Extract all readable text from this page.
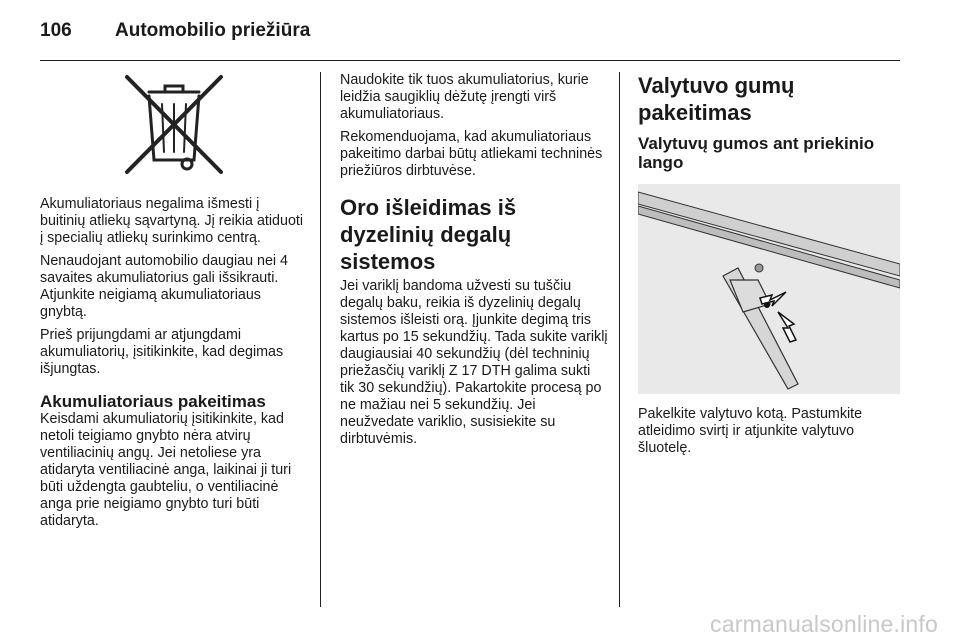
106 Automobilio priežiūra

Akumuliatoriaus negalima išmesti į buitinių atliekų sąvartyną. Jį reikia atiduoti į specialių atliekų surinkimo centrą.

Nenaudojant automobilio daugiau nei 4 savaites akumuliatorius gali išsikrauti. Atjunkite neigiamą akumuliatoriaus gnybtą.

Prieš prijungdami ar atjungdami akumuliatorių, įsitikinkite, kad degimas išjungtas.

Akumuliatoriaus pakeitimas

Keisdami akumuliatorių įsitikinkite, kad netoli teigiamo gnybto nėra atvirų ventiliacinių angų. Jei netoliese yra atidaryta ventiliacinė anga, laikinai ji turi būti uždengta gaubteliu, o ventiliacinė anga prie neigiamo gnybto turi būti atidaryta.

Naudokite tik tuos akumuliatorius, kurie leidžia saugiklių dėžutę įrengti virš akumuliatoriaus.

Rekomenduojama, kad akumuliatoriaus pakeitimo darbai būtų atliekami techninės priežiūros dirbtuvėse.

Oro išleidimas iš dyzelinių degalų sistemos

Jei variklį bandoma užvesti su tuščiu degalų baku, reikia iš dyzelinių degalų sistemos išleisti orą. Įjunkite degimą tris kartus po 15 sekundžių. Tada sukite variklį daugiausiai 40 sekundžių (dėl techninių priežasčių variklį Z 17 DTH galima sukti tik 30 sekundžių). Pakartokite procesą po ne mažiau nei 5 sekundžių. Jei neužvedate variklio, susisiekite su dirbtuvėmis.

Valytuvo gumų pakeitimas
Valytuvų gumos ant priekinio lango

Pakelkite valytuvo kotą. Pastumkite atleidimo svirtį ir atjunkite valytuvo šluotelę.

carmanualsonline.info
